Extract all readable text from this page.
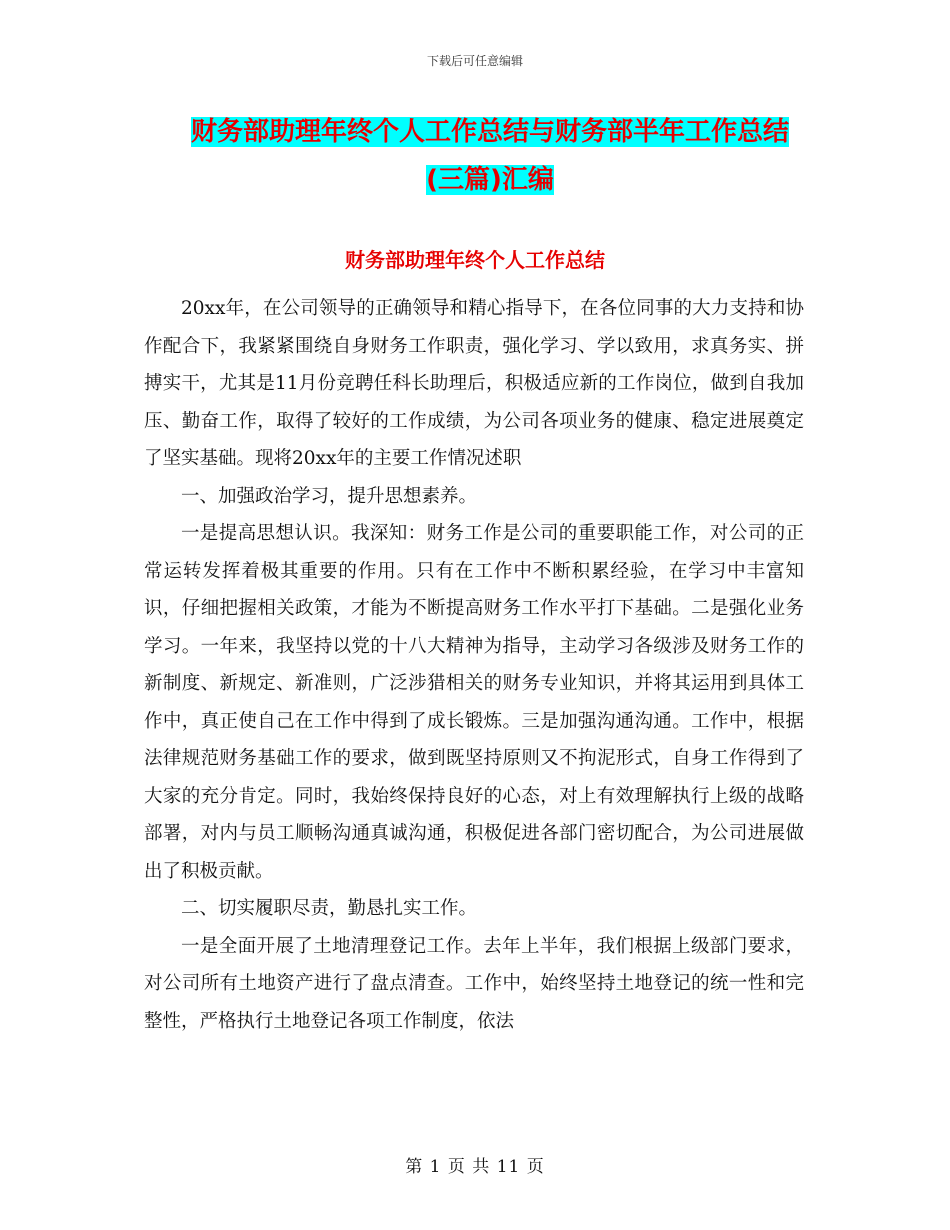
下载后可任意编辑
财务部助理年终个人工作总结与财务部半年工作总结
(三篇)汇编
财务部助理年终个人工作总结

20xx年，在公司领导的正确领导和精心指导下，在各位同事的大力支持和协作配合下，我紧紧围绕自身财务工作职责，强化学习、学以致用，求真务实、拼搏实干，尤其是11月份竞聘任科长助理后，积极适应新的工作岗位，做到自我加压、勤奋工作，取得了较好的工作成绩，为公司各项业务的健康、稳定进展奠定了坚实基础。现将20xx年的主要工作情况述职

一、加强政治学习，提升思想素养。

一是提高思想认识。我深知：财务工作是公司的重要职能工作，对公司的正常运转发挥着极其重要的作用。只有在工作中不断积累经验，在学习中丰富知识，仔细把握相关政策，才能为不断提高财务工作水平打下基础。二是强化业务学习。一年来，我坚持以党的十八大精神为指导，主动学习各级涉及财务工作的新制度、新规定、新准则，广泛涉猎相关的财务专业知识，并将其运用到具体工作中，真正使自己在工作中得到了成长锻炼。三是加强沟通沟通。工作中，根据法律规范财务基础工作的要求，做到既坚持原则又不拘泥形式，自身工作得到了大家的充分肯定。同时，我始终保持良好的心态，对上有效理解执行上级的战略部署，对内与员工顺畅沟通真诚沟通，积极促进各部门密切配合，为公司进展做出了积极贡献。

二、切实履职尽责，勤恳扎实工作。

一是全面开展了土地清理登记工作。去年上半年，我们根据上级部门要求，对公司所有土地资产进行了盘点清查。工作中，始终坚持土地登记的统一性和完整性，严格执行土地登记各项工作制度，依法

第 1 页 共 11 页
